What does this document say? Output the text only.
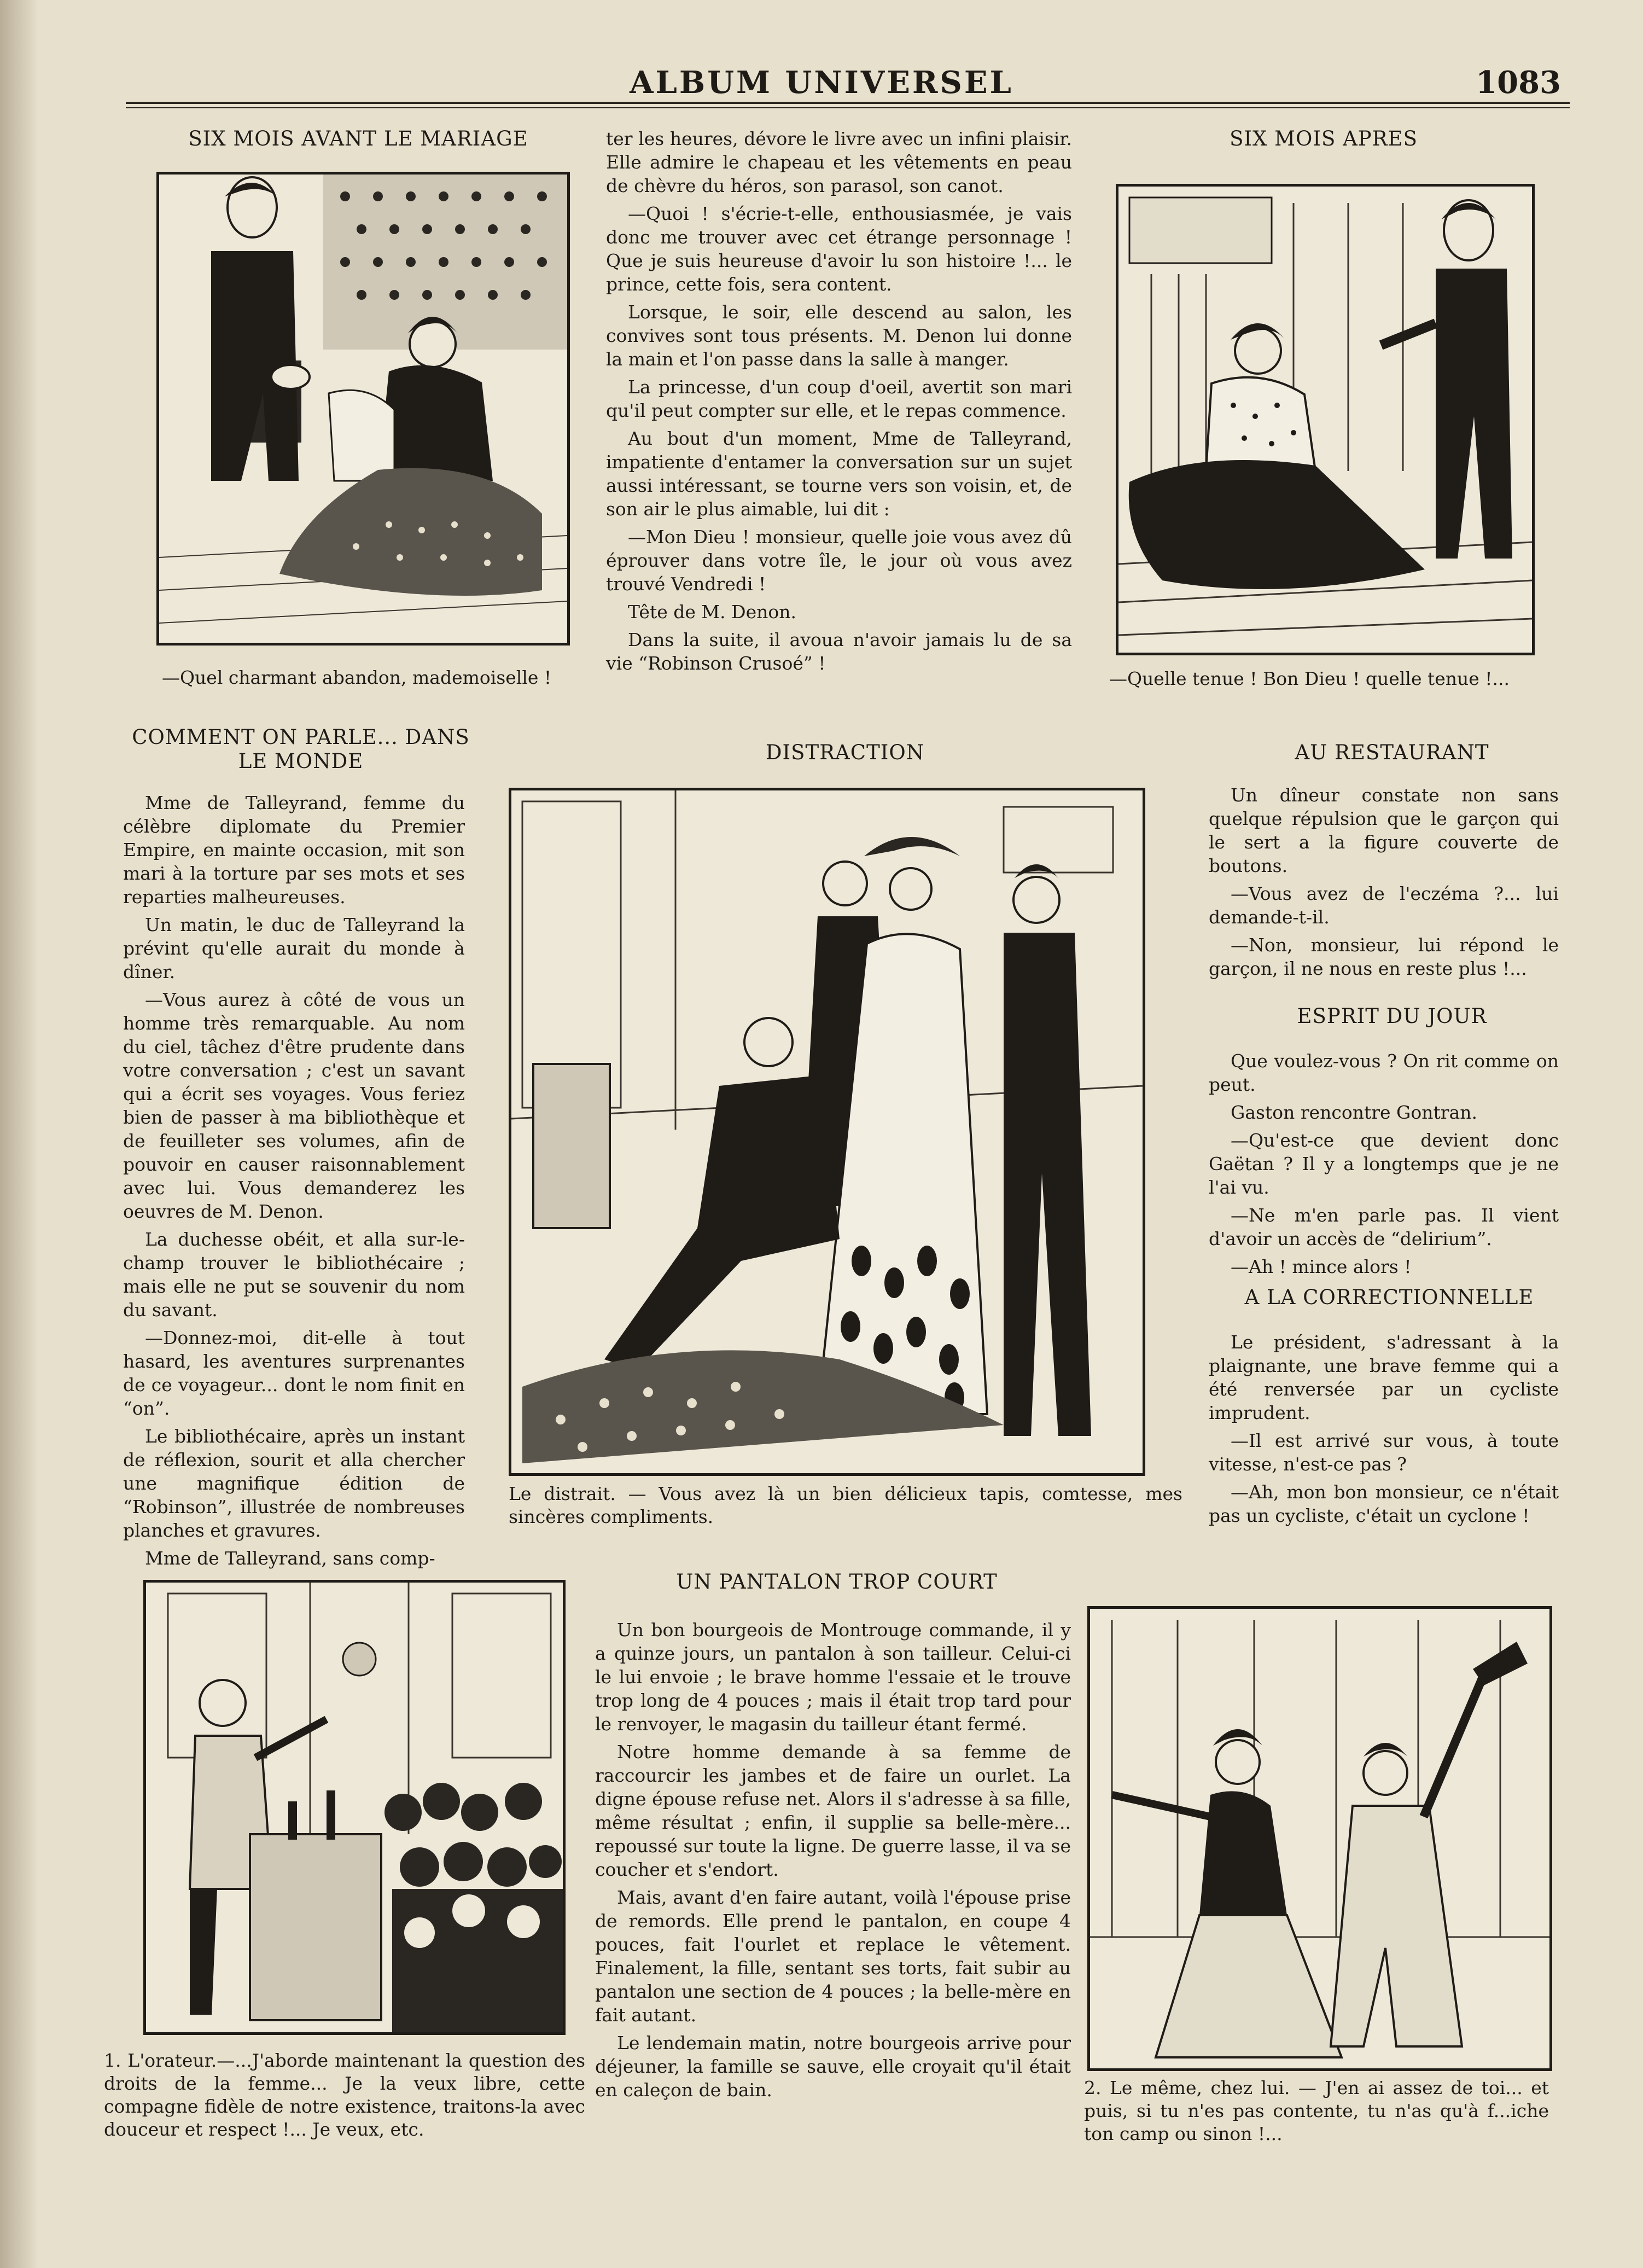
ALBUM UNIVERSEL	1083
SIX MOIS AVANT LE MARIAGE
—Quel charmant abandon, mademoiselle !
COMMENT ON PARLE... DANS LE MONDE

Mme de Talleyrand, femme du célèbre diplomate du Premier Empire, en mainte occasion, mit son mari à la torture par ses mots et ses reparties malheureuses.

Un matin, le duc de Talleyrand la prévint qu'elle aurait du monde à dîner.

—Vous aurez à côté de vous un homme très remarquable. Au nom du ciel, tâchez d'être prudente dans votre conversation ; c'est un savant qui a écrit ses voyages. Vous feriez bien de passer à ma bibliothèque et de feuilleter ses volumes, afin de pouvoir en causer raisonnablement avec lui. Vous demanderez les oeuvres de M. Denon.

La duchesse obéit, et alla sur-le-champ trouver le bibliothécaire ; mais elle ne put se souvenir du nom du savant.

—Donnez-moi, dit-elle à tout hasard, les aventures surprenantes de ce voyageur... dont le nom finit en “on”.

Le bibliothécaire, après un instant de réflexion, sourit et alla chercher une magnifique édition de “Robinson”, illustrée de nombreuses planches et gravures.

Mme de Talleyrand, sans comp-

ter les heures, dévore le livre avec un infini plaisir. Elle admire le chapeau et les vêtements en peau de chèvre du héros, son parasol, son canot.

—Quoi ! s'écrie-t-elle, enthousiasmée, je vais donc me trouver avec cet étrange personnage ! Que je suis heureuse d'avoir lu son histoire !... le prince, cette fois, sera content.

Lorsque, le soir, elle descend au salon, les convives sont tous présents. M. Denon lui donne la main et l'on passe dans la salle à manger.

La princesse, d'un coup d'oeil, avertit son mari qu'il peut compter sur elle, et le repas commence.

Au bout d'un moment, Mme de Talleyrand, impatiente d'entamer la conversation sur un sujet aussi intéressant, se tourne vers son voisin, et, de son air le plus aimable, lui dit :

—Mon Dieu ! monsieur, quelle joie vous avez dû éprouver dans votre île, le jour où vous avez trouvé Vendredi !

Tête de M. Denon.

Dans la suite, il avoua n'avoir jamais lu de sa vie “Robinson Crusoé” !

SIX MOIS APRES
—Quelle tenue ! Bon Dieu ! quelle tenue !...
DISTRACTION
Le distrait. — Vous avez là un bien délicieux tapis, comtesse, mes sincères compliments.
AU RESTAURANT

Un dîneur constate non sans quelque répulsion que le garçon qui le sert a la figure couverte de boutons.

—Vous avez de l'eczéma ?... lui demande-t-il.

—Non, monsieur, lui répond le garçon, il ne nous en reste plus !...

ESPRIT DU JOUR

Que voulez-vous ? On rit comme on peut.

Gaston rencontre Gontran.

—Qu'est-ce que devient donc Gaëtan ? Il y a longtemps que je ne l'ai vu.

—Ne m'en parle pas. Il vient d'avoir un accès de “delirium”.

—Ah ! mince alors !

A LA CORRECTIONNELLE

Le président, s'adressant à la plaignante, une brave femme qui a été renversée par un cycliste imprudent.

—Il est arrivé sur vous, à toute vitesse, n'est-ce pas ?

—Ah, mon bon monsieur, ce n'était pas un cycliste, c'était un cyclone !

UN PANTALON TROP COURT

Un bon bourgeois de Montrouge commande, il y a quinze jours, un pantalon à son tailleur. Celui-ci le lui envoie ; le brave homme l'essaie et le trouve trop long de 4 pouces ; mais il était trop tard pour le renvoyer, le magasin du tailleur étant fermé.

Notre homme demande à sa femme de raccourcir les jambes et de faire un ourlet. La digne épouse refuse net. Alors il s'adresse à sa fille, même résultat ; enfin, il supplie sa belle-mère... repoussé sur toute la ligne. De guerre lasse, il va se coucher et s'endort.

Mais, avant d'en faire autant, voilà l'épouse prise de remords. Elle prend le pantalon, en coupe 4 pouces, fait l'ourlet et replace le vêtement. Finalement, la fille, sentant ses torts, fait subir au pantalon une section de 4 pouces ; la belle-mère en fait autant.

Le lendemain matin, notre bourgeois arrive pour déjeuner, la famille se sauve, elle croyait qu'il était en caleçon de bain.

1. L'orateur.—...J'aborde maintenant la question des droits de la femme... Je la veux libre, cette compagne fidèle de notre existence, traitons-la avec douceur et respect !... Je veux, etc.
2. Le même, chez lui. — J'en ai assez de toi... et puis, si tu n'es pas contente, tu n'as qu'à f...iche ton camp ou sinon !...
